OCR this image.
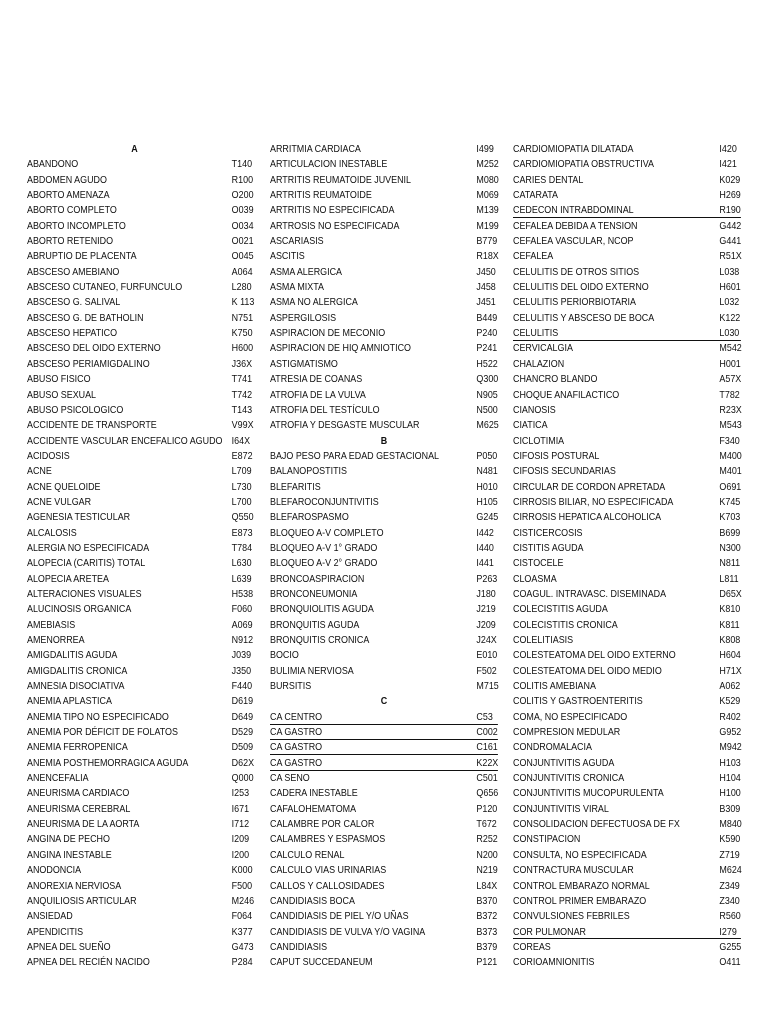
A
ABANDONO	T140
ABDOMEN AGUDO	R100
ABORTO AMENAZA	O200
ABORTO COMPLETO	O039
ABORTO INCOMPLETO	O034
ABORTO RETENIDO	O021
ABRUPTIO DE PLACENTA	O045
ABSCESO AMEBIANO	A064
ABSCESO CUTANEO, FURFUNCULO	L280
ABSCESO G. SALIVAL	K 113
ABSCESO G. DE BATHOLIN	N751
ABSCESO HEPATICO	K750
ABSCESO DEL OIDO EXTERNO	H600
ABSCESO PERIAMIGDALINO	J36X
ABUSO FISICO	T741
ABUSO SEXUAL	T742
ABUSO PSICOLOGICO	T143
ACCIDENTE DE TRANSPORTE	V99X
ACCIDENTE VASCULAR ENCEFALICO AGUDO I64X
ACIDOSIS	E872
ACNE	L709
ACNE QUELOIDE	L730
ACNE VULGAR	L700
AGENESIA TESTICULAR	Q550
ALCALOSIS	E873
ALERGIA NO ESPECIFICADA	T784
ALOPECIA (CARITIS) TOTAL	L630
ALOPECIA ARETEA	L639
ALTERACIONES VISUALES	H538
ALUCINOSIS ORGANICA	F060
AMEBIASIS	A069
AMENORREA	N912
AMIGDALITIS AGUDA	J039
AMIGDALITIS CRONICA	J350
AMNESIA DISOCIATIVA	F440
ANEMIA APLASTICA	D619
ANEMIA TIPO NO ESPECIFICADO	D649
ANEMIA POR DÉFICIT DE FOLATOS	D529
ANEMIA FERROPENICA	D509
ANEMIA POSTHEMORRAGICA AGUDA	D62X
ANENCEFALIA	Q000
ANEURISMA CARDIACO	I253
ANEURISMA CEREBRAL	I671
ANEURISMA DE LA AORTA	I712
ANGINA DE PECHO	I209
ANGINA INESTABLE	I200
ANODONCIA	K000
ANOREXIA NERVIOSA	F500
ANQUILIOSIS ARTICULAR	M246
ANSIEDAD	F064
APENDICITIS	K377
APNEA DEL SUEÑO	G473
APNEA DEL RECIÉN NACIDO	P284
ARRITMIA CARDIACA	I499
ARTICULACION INESTABLE	M252
ARTRITIS REUMATOIDE JUVENIL	M080
ARTRITIS REUMATOIDE	M069
ARTRITIS NO ESPECIFICADA	M139
ARTROSIS NO ESPECIFICADA	M199
ASCARIASIS	B779
ASCITIS	R18X
ASMA ALERGICA	J450
ASMA MIXTA	J458
ASMA NO ALERGICA	J451
ASPERGILOSIS	B449
ASPIRACION DE MECONIO	P240
ASPIRACION DE HIQ AMNIOTICO	P241
ASTIGMATISMO	H522
ATRESIA DE COANAS	Q300
ATROFIA DE LA VULVA	N905
ATROFIA DEL TESTÍCULO	N500
ATROFIA Y DESGASTE MUSCULAR	M625
B
BAJO PESO PARA EDAD GESTACIONAL	P050
BALANOPOSTITIS	N481
BLEFARITIS	H010
BLEFAROCONJUNTIVITIS	H105
BLEFAROSPASMO	G245
BLOQUEO A-V COMPLETO	I442
BLOQUEO A-V 1° GRADO	I440
BLOQUEO A-V 2° GRADO	I441
BRONCOASPIRACION	P263
BRONCONEUMONIA	J180
BRONQUIOLITIS AGUDA	J219
BRONQUITIS AGUDA	J209
BRONQUITIS CRONICA	J24X
BOCIO	E010
BULIMIA NERVIOSA	F502
BURSITIS	M715
C
CA CENTRO	C53
CA GASTRO	C002
CA GASTRO	C161
CA GASTRO	K22X
CA SENO	C501
CADERA INESTABLE	Q656
CAFALOHEMATOMA	P120
CALAMBRE POR CALOR	T672
CALAMBRES Y ESPASMOS	R252
CALCULO RENAL	N200
CALCULO VIAS URINARIAS	N219
CALLOS Y CALLOSIDADES	L84X
CANDIDIASIS BOCA	B370
CANDIDIASIS DE PIEL Y/O UÑAS	B372
CANDIDIASIS DE VULVA Y/O VAGINA	B373
CANDIDIASIS	B379
CAPUT SUCCEDANEUM	P121
CARDIOMIOPATIA DILATADA	I420
CARDIOMIOPATIA OBSTRUCTIVA	I421
CARIES DENTAL	K029
CATARATA	H269
CEDECON INTRABDOMINAL	R190
CEFALEA DEBIDA A TENSION	G442
CEFALEA VASCULAR, NCOP	G441
CEFALEA	R51X
CELULITIS DE OTROS SITIOS	L038
CELULITIS DEL OIDO EXTERNO	H601
CELULITIS PERIORBIOTARIA	L032
CELULITIS Y ABSCESO DE BOCA	K122
CELULITIS	L030
CERVICALGIA	M542
CHALAZION	H001
CHANCRO BLANDO	A57X
CHOQUE ANAFILACTICO	T782
CIANOSIS	R23X
CIATICA	M543
CICLOTIMIA	F340
CIFOSIS POSTURAL	M400
CIFOSIS SECUNDARIAS	M401
CIRCULAR DE CORDON APRETADA	O691
CIRROSIS BILIAR, NO ESPECIFICADA	K745
CIRROSIS HEPATICA ALCOHOLICA	K703
CISTICERCOSIS	B699
CISTITIS AGUDA	N300
CISTOCELE	N811
CLOASMA	L811
COAGUL. INTRAVASC. DISEMINADA	D65X
COLECISTITIS AGUDA	K810
COLECISTITIS CRONICA	K811
COLELITIASIS	K808
COLESTEATOMA DEL OIDO EXTERNO	H604
COLESTEATOMA DEL OIDO MEDIO	H71X
COLITIS AMEBIANA	A062
COLITIS Y GASTROENTERITIS	K529
COMA, NO ESPECIFICADO	R402
COMPRESION MEDULAR	G952
CONDROMALACIA	M942
CONJUNTIVITIS AGUDA	H103
CONJUNTIVITIS CRONICA	H104
CONJUNTIVITIS MUCOPURULENTA	H100
CONJUNTIVITIS VIRAL	B309
CONSOLIDACION DEFECTUOSA DE FX	M840
CONSTIPACION	K590
CONSULTA, NO ESPECIFICADA	Z719
CONTRACTURA MUSCULAR	M624
CONTROL EMBARAZO NORMAL	Z349
CONTROL PRIMER EMBARAZO	Z340
CONVULSIONES FEBRILES	R560
COR PULMONAR	I279
COREAS	G255
CORIOAMNIONITIS	O411
